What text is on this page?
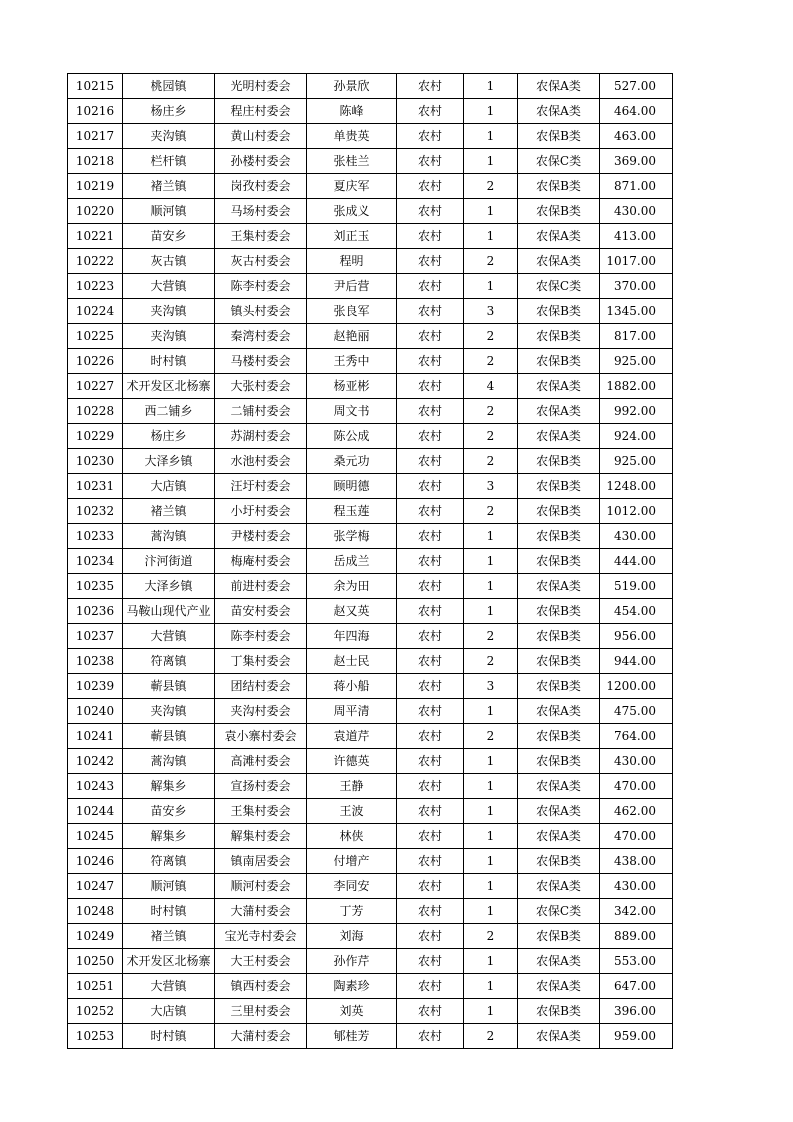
10215	桃园镇	光明村委会	孙景欣	农村	1	农保A类	527.00
10216	杨庄乡	程庄村委会	陈峰	农村	1	农保A类	464.00
10217	夹沟镇	黄山村委会	单贵英	农村	1	农保B类	463.00
10218	栏杆镇	孙楼村委会	张桂兰	农村	1	农保C类	369.00
10219	褚兰镇	岗孜村委会	夏庆军	农村	2	农保B类	871.00
10220	顺河镇	马场村委会	张成义	农村	1	农保B类	430.00
10221	苗安乡	王集村委会	刘正玉	农村	1	农保A类	413.00
10222	灰古镇	灰古村委会	程明	农村	2	农保A类	1017.00
10223	大营镇	陈李村委会	尹后营	农村	1	农保C类	370.00
10224	夹沟镇	镇头村委会	张良军	农村	3	农保B类	1345.00
10225	夹沟镇	秦湾村委会	赵艳丽	农村	2	农保B类	817.00
10226	时村镇	马楼村委会	王秀中	农村	2	农保B类	925.00
10227	术开发区北杨寨	大张村委会	杨亚彬	农村	4	农保A类	1882.00
10228	西二铺乡	二铺村委会	周文书	农村	2	农保A类	992.00
10229	杨庄乡	苏湖村委会	陈公成	农村	2	农保A类	924.00
10230	大泽乡镇	水池村委会	桑元功	农村	2	农保B类	925.00
10231	大店镇	汪圩村委会	顾明德	农村	3	农保B类	1248.00
10232	褚兰镇	小圩村委会	程玉莲	农村	2	农保B类	1012.00
10233	蒿沟镇	尹楼村委会	张学梅	农村	1	农保B类	430.00
10234	汴河街道	梅庵村委会	岳成兰	农村	1	农保B类	444.00
10235	大泽乡镇	前进村委会	余为田	农村	1	农保A类	519.00
10236	马鞍山现代产业	苗安村委会	赵又英	农村	1	农保B类	454.00
10237	大营镇	陈李村委会	年四海	农村	2	农保B类	956.00
10238	符离镇	丁集村委会	赵士民	农村	2	农保B类	944.00
10239	蕲县镇	团结村委会	蒋小船	农村	3	农保B类	1200.00
10240	夹沟镇	夹沟村委会	周平清	农村	1	农保A类	475.00
10241	蕲县镇	袁小寨村委会	袁道芹	农村	2	农保B类	764.00
10242	蒿沟镇	高滩村委会	许德英	农村	1	农保B类	430.00
10243	解集乡	宣扬村委会	王静	农村	1	农保A类	470.00
10244	苗安乡	王集村委会	王波	农村	1	农保A类	462.00
10245	解集乡	解集村委会	林侠	农村	1	农保A类	470.00
10246	符离镇	镇南居委会	付增产	农村	1	农保B类	438.00
10247	顺河镇	顺河村委会	李同安	农村	1	农保A类	430.00
10248	时村镇	大蒲村委会	丁芳	农村	1	农保C类	342.00
10249	褚兰镇	宝光寺村委会	刘海	农村	2	农保B类	889.00
10250	术开发区北杨寨	大王村委会	孙作芹	农村	1	农保A类	553.00
10251	大营镇	镇西村委会	陶素珍	农村	1	农保A类	647.00
10252	大店镇	三里村委会	刘英	农村	1	农保B类	396.00
10253	时村镇	大蒲村委会	郇桂芳	农村	2	农保A类	959.00
